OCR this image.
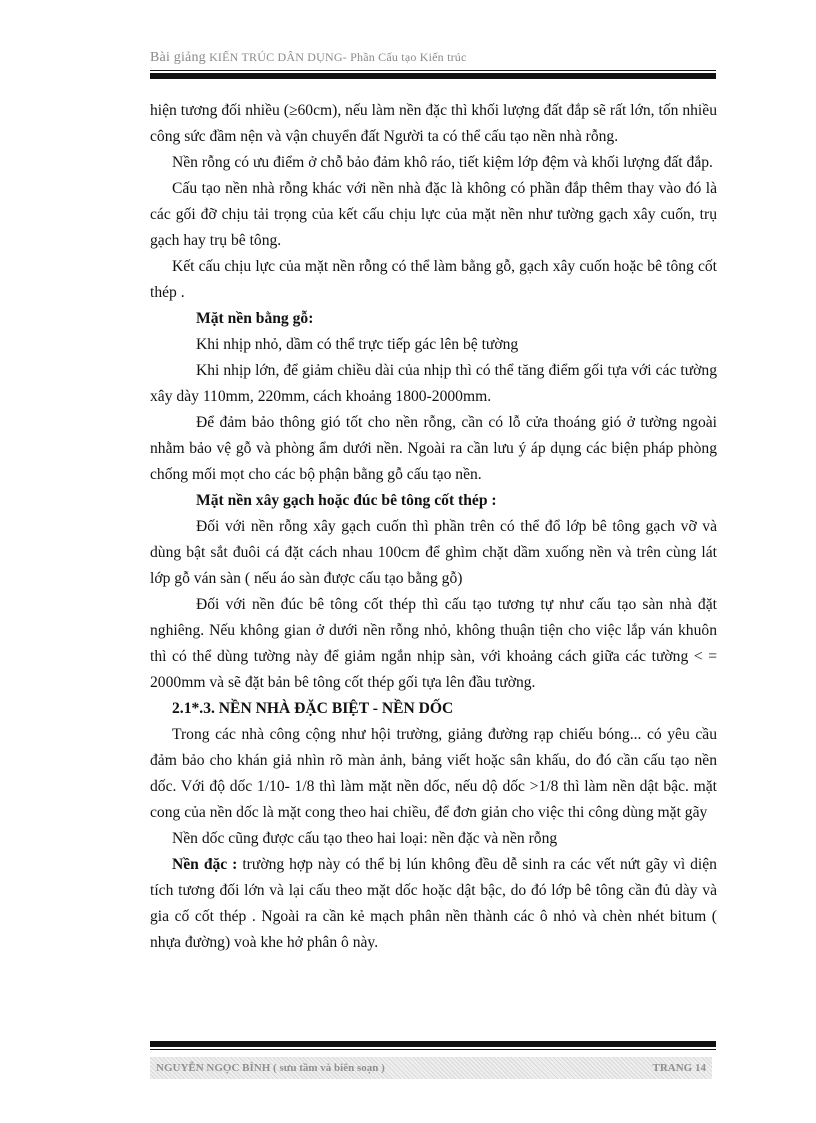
Bài giảng KIẾN TRÚC DÂN DỤNG- Phần Cấu tạo Kiến trúc

hiện tương đối nhiều (≥60cm), nếu làm nền đặc thì khối lượng đất đắp sẽ rất lớn, tốn nhiều công sức đầm nện và vận chuyển đất Người ta có thể cấu tạo nền nhà rỗng.

Nền rỗng có ưu điểm ở chỗ bảo đảm khô ráo, tiết kiệm lớp đệm và khối lượng đất đắp.

Cấu tạo nền nhà rỗng khác với nền nhà đặc là không có phần đắp thêm thay vào đó là các gối đỡ chịu tải trọng của kết cấu chịu lực của mặt nền như tường gạch xây cuốn, trụ gạch hay trụ bê tông.

Kết cấu chịu lực của mặt nền rỗng có thể làm bằng gỗ, gạch xây cuốn hoặc bê tông cốt thép .

Mặt nền bằng gỗ:

Khi nhịp nhỏ, dầm có thể trực tiếp gác lên bệ tường

Khi nhịp lớn, để giảm chiều dài của nhịp thì có thể tăng điểm gối tựa với các tường xây dày 110mm, 220mm, cách khoảng 1800-2000mm.

Để đảm bảo thông gió tốt cho nền rỗng, cần có lỗ cửa thoáng gió ở tường ngoài nhằm bảo vệ gỗ và phòng ẩm dưới nền. Ngoài ra cần lưu ý áp dụng các biện pháp phòng chống mối mọt cho các bộ phận bằng gỗ cấu tạo nền.

Mặt nền xây gạch hoặc đúc bê tông cốt thép :

Đối với nền rỗng xây gạch cuốn thì phần trên có thể đổ lớp bê tông gạch vỡ và dùng bật sắt đuôi cá đặt cách nhau 100cm để ghìm chặt dầm xuống nền và trên cùng lát lớp gỗ ván sàn ( nếu áo sàn được cấu tạo bằng gỗ)

Đối với nền đúc bê tông cốt thép thì cấu tạo tương tự như cấu tạo sàn nhà đặt nghiêng. Nếu không gian ở dưới nền rỗng nhỏ, không thuận tiện cho việc lắp ván khuôn thì có thể dùng tường này để giảm ngắn nhịp sàn, với khoảng cách giữa các tường < = 2000mm và sẽ đặt bản bê tông cốt thép gối tựa lên đầu tường.

2.1*.3. NỀN NHÀ ĐẶC BIỆT - NỀN DỐC

Trong các nhà công cộng như hội trường, giảng đường rạp chiếu bóng... có yêu cầu đảm bảo cho khán giả nhìn rõ màn ảnh, bảng viết hoặc sân khấu, do đó cần cấu tạo nền dốc. Với độ dốc 1/10- 1/8 thì làm mặt nền dốc, nếu dộ dốc >1/8 thì làm nền dật bậc. mặt cong của nền dốc là mặt cong theo hai chiều, để đơn giản cho việc thi công dùng mặt gãy

Nền dốc cũng được cấu tạo theo hai loại: nền đặc và nền rỗng

Nền đặc : trường hợp này có thể bị lún không đều dễ sinh ra các vết nứt gãy vì diện tích tương đối lớn và lại cấu theo mặt dốc hoặc dật bậc, do đó lớp bê tông cần đủ dày và gia cố cốt thép . Ngoài ra cần kẻ mạch phân nền thành các ô nhỏ và chèn nhét bitum ( nhựa đường) voà khe hở phân ô này.

NGUYỄN NGỌC BÌNH ( sưu tầm và biên soạn )	TRANG 14
